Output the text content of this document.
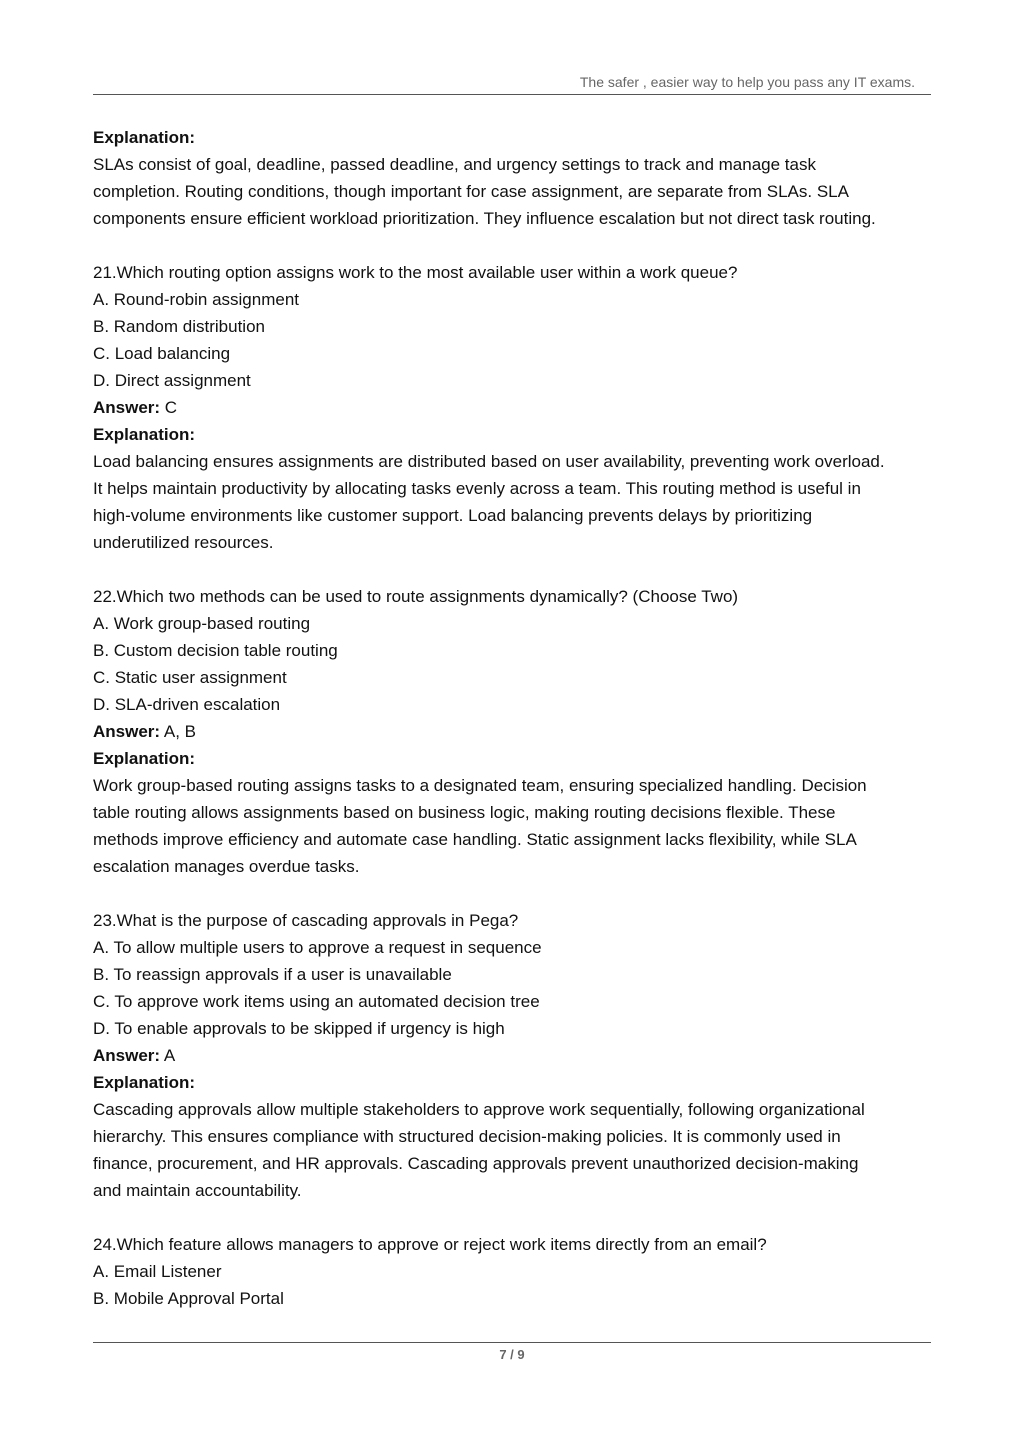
The safer , easier way to help you pass any IT exams.
Explanation:
SLAs consist of goal, deadline, passed deadline, and urgency settings to track and manage task
completion. Routing conditions, though important for case assignment, are separate from SLAs. SLA
components ensure efficient workload prioritization. They influence escalation but not direct task routing.
21.Which routing option assigns work to the most available user within a work queue?
A. Round-robin assignment
B. Random distribution
C. Load balancing
D. Direct assignment
Answer: C
Explanation:
Load balancing ensures assignments are distributed based on user availability, preventing work overload.
It helps maintain productivity by allocating tasks evenly across a team. This routing method is useful in
high-volume environments like customer support. Load balancing prevents delays by prioritizing
underutilized resources.
22.Which two methods can be used to route assignments dynamically? (Choose Two)
A. Work group-based routing
B. Custom decision table routing
C. Static user assignment
D. SLA-driven escalation
Answer: A, B
Explanation:
Work group-based routing assigns tasks to a designated team, ensuring specialized handling. Decision
table routing allows assignments based on business logic, making routing decisions flexible. These
methods improve efficiency and automate case handling. Static assignment lacks flexibility, while SLA
escalation manages overdue tasks.
23.What is the purpose of cascading approvals in Pega?
A. To allow multiple users to approve a request in sequence
B. To reassign approvals if a user is unavailable
C. To approve work items using an automated decision tree
D. To enable approvals to be skipped if urgency is high
Answer: A
Explanation:
Cascading approvals allow multiple stakeholders to approve work sequentially, following organizational
hierarchy. This ensures compliance with structured decision-making policies. It is commonly used in
finance, procurement, and HR approvals. Cascading approvals prevent unauthorized decision-making
and maintain accountability.
24.Which feature allows managers to approve or reject work items directly from an email?
A. Email Listener
B. Mobile Approval Portal
7 / 9
